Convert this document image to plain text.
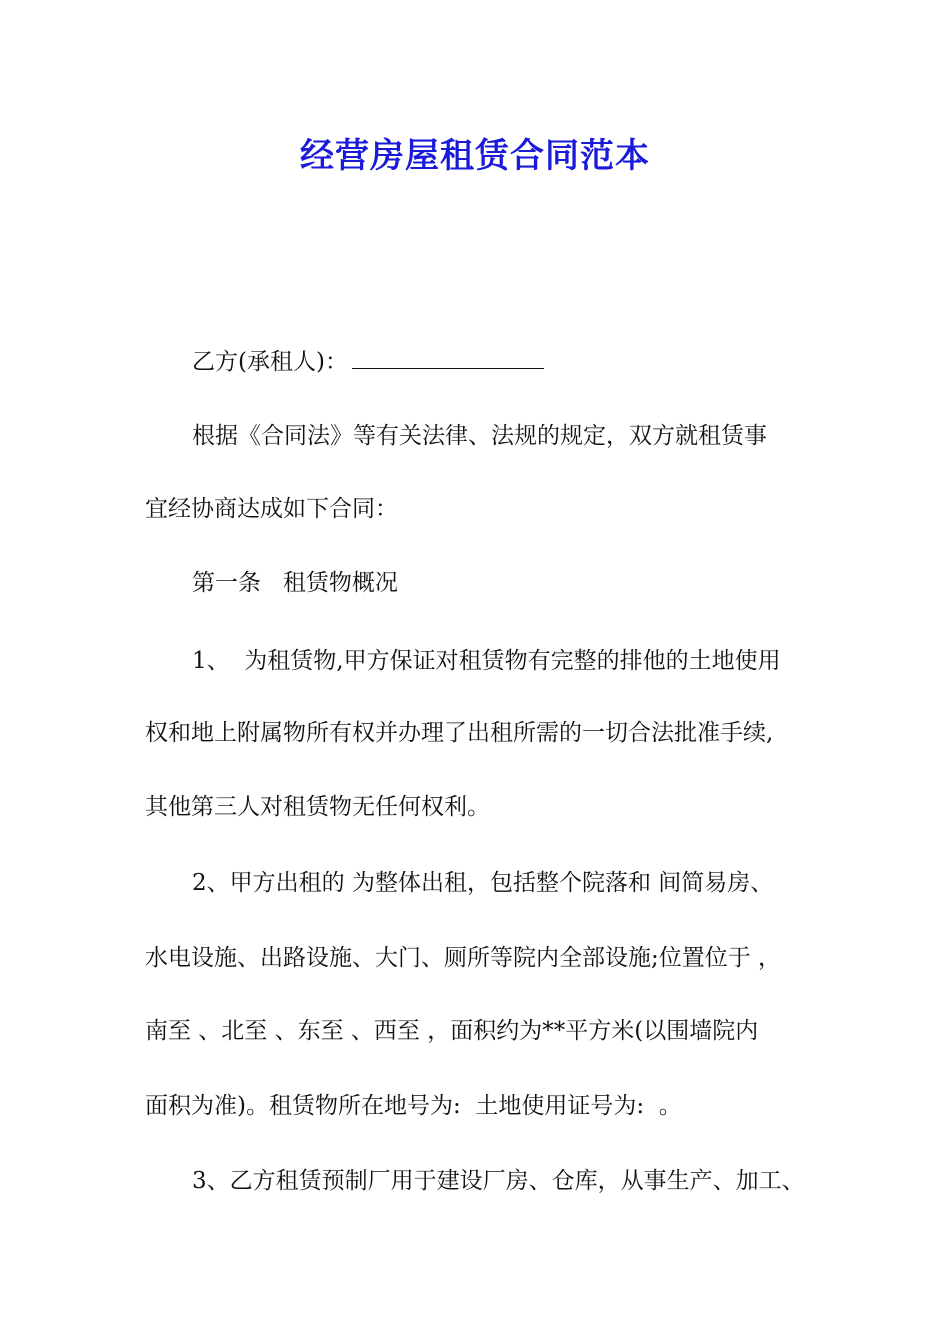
经营房屋租赁合同范本
乙方(承租人)：
根据《合同法》等有关法律、法规的规定，双方就租赁事
宜经协商达成如下合同：
第一条   租赁物概况
1、  为租赁物,甲方保证对租赁物有完整的排他的土地使用
权和地上附属物所有权并办理了出租所需的一切合法批准手续,
其他第三人对租赁物无任何权利。
2、甲方出租的 为整体出租，包括整个院落和 间简易房、
水电设施、出路设施、大门、厕所等院内全部设施;位置位于 ，
南至 、北至 、东至 、西至 ，面积约为**平方米(以围墙院内
面积为准)。租赁物所在地号为:  土地使用证号为:  。
3、乙方租赁预制厂用于建设厂房、仓库，从事生产、加工、
